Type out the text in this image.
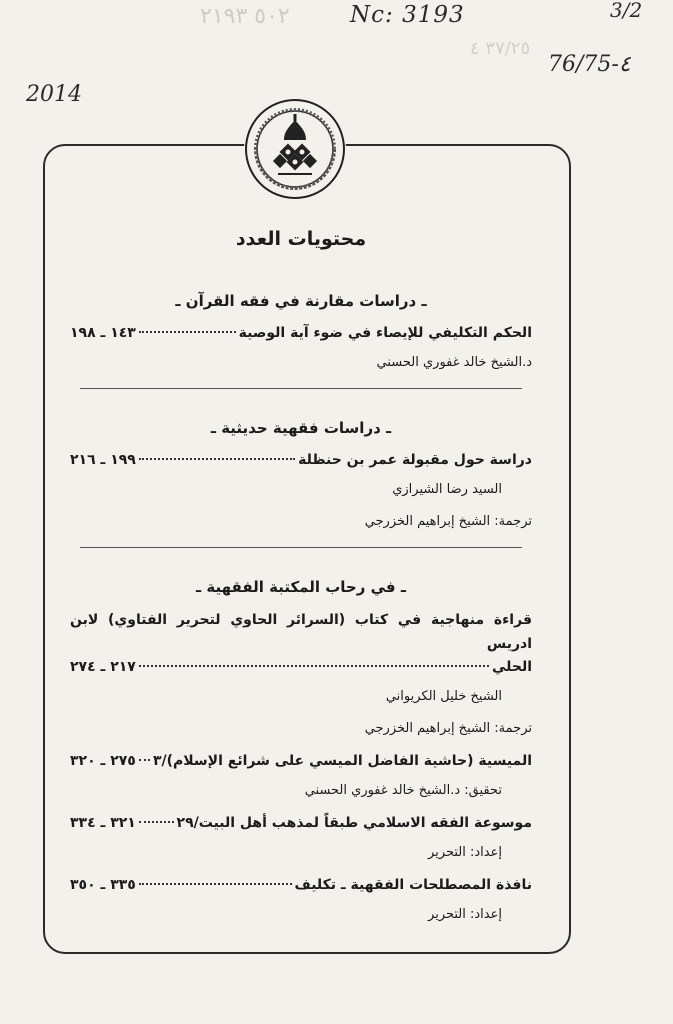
٥٠٢ ٢١٩٣
٣٧/٢٥ ٤
Nc: 3193	3/2
76/75-٤
2014
محتويات العدد
ـ دراسات مقارنة في فقه القرآن ـ
الحكم التكليفي للإيصاء في ضوء آية الوصية
١٤٣ ـ ١٩٨
د.الشيخ خالد غفوري الحسني
ـ دراسات فقهية حديثية ـ
دراسة حول مقبولة عمر بن حنظلة
١٩٩ ـ ٢١٦
السيد رضا الشيرازي
ترجمة: الشيخ إبراهيم الخزرجي
ـ في رحاب المكتبة الفقهية ـ
قراءة منهاجية في كتاب (السرائر الحاوي لتحرير الفتاوي) لابن ادريس
الحلي
٢١٧ ـ ٢٧٤
الشيخ خليل الكريواني
ترجمة: الشيخ إبراهيم الخزرجي
الميسية (حاشية الفاضل الميسي على شرائع الإسلام)/٣
٢٧٥ ـ ٣٢٠
تحقيق: د.الشيخ خالد غفوري الحسني
موسوعة الفقه الاسلامي طبقاً لمذهب أهل البيت/٢٩
٣٢١ ـ ٣٣٤
إعداد: التحرير
نافذة المصطلحات الفقهية ـ تكليف
٣٣٥ ـ ٣٥٠
إعداد: التحرير
